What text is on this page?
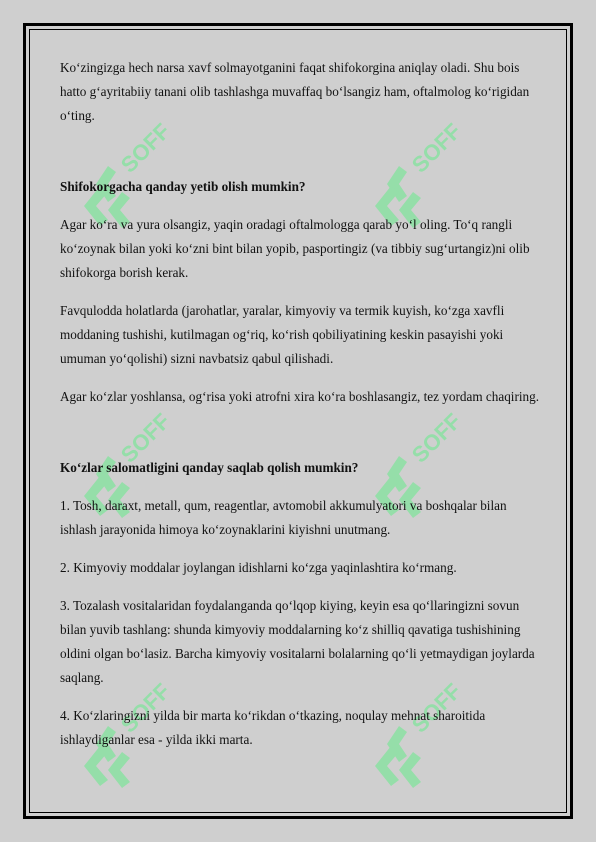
SOFF	SOFF
SOFF	SOFF
SOFF	SOFF

Ko‘zingizga hech narsa xavf solmayotganini faqat shifokorgina aniqlay oladi. Shu bois hatto g‘ayritabiiy tanani olib tashlashga muvaffaq bo‘lsangiz ham, oftalmolog ko‘rigidan o‘ting.

Shifokorgacha qanday yetib olish mumkin?

Agar ko‘ra va yura olsangiz, yaqin oradagi oftalmologga qarab yo‘l oling. To‘q rangli ko‘zoynak bilan yoki ko‘zni bint bilan yopib, pasportingiz (va tibbiy sug‘urtangiz)ni olib shifokorga borish kerak.

Favqulodda holatlarda (jarohatlar, yaralar, kimyoviy va termik kuyish, ko‘zga xavfli moddaning tushishi, kutilmagan og‘riq, ko‘rish qobiliyatining keskin pasayishi yoki umuman yo‘qolishi) sizni navbatsiz qabul qilishadi.

Agar ko‘zlar yoshlansa, og‘risa yoki atrofni xira ko‘ra boshlasangiz, tez yordam chaqiring.

Ko‘zlar salomatligini qanday saqlab qolish mumkin?

1. Tosh, daraxt, metall, qum, reagentlar, avtomobil akkumulyatori va boshqalar bilan ishlash jarayonida himoya ko‘zoynaklarini kiyishni unutmang.

2. Kimyoviy moddalar joylangan idishlarni ko‘zga yaqinlashtira ko‘rmang.

3. Tozalash vositalaridan foydalanganda qo‘lqop kiying, keyin esa qo‘llaringizni sovun bilan yuvib tashlang: shunda kimyoviy moddalarning ko‘z shilliq qavatiga tushishining oldini olgan bo‘lasiz. Barcha kimyoviy vositalarni bolalarning qo‘li yetmaydigan joylarda saqlang.

4. Ko‘zlaringizni yilda bir marta ko‘rikdan o‘tkazing, noqulay mehnat sharoitida ishlaydiganlar esa - yilda ikki marta.
